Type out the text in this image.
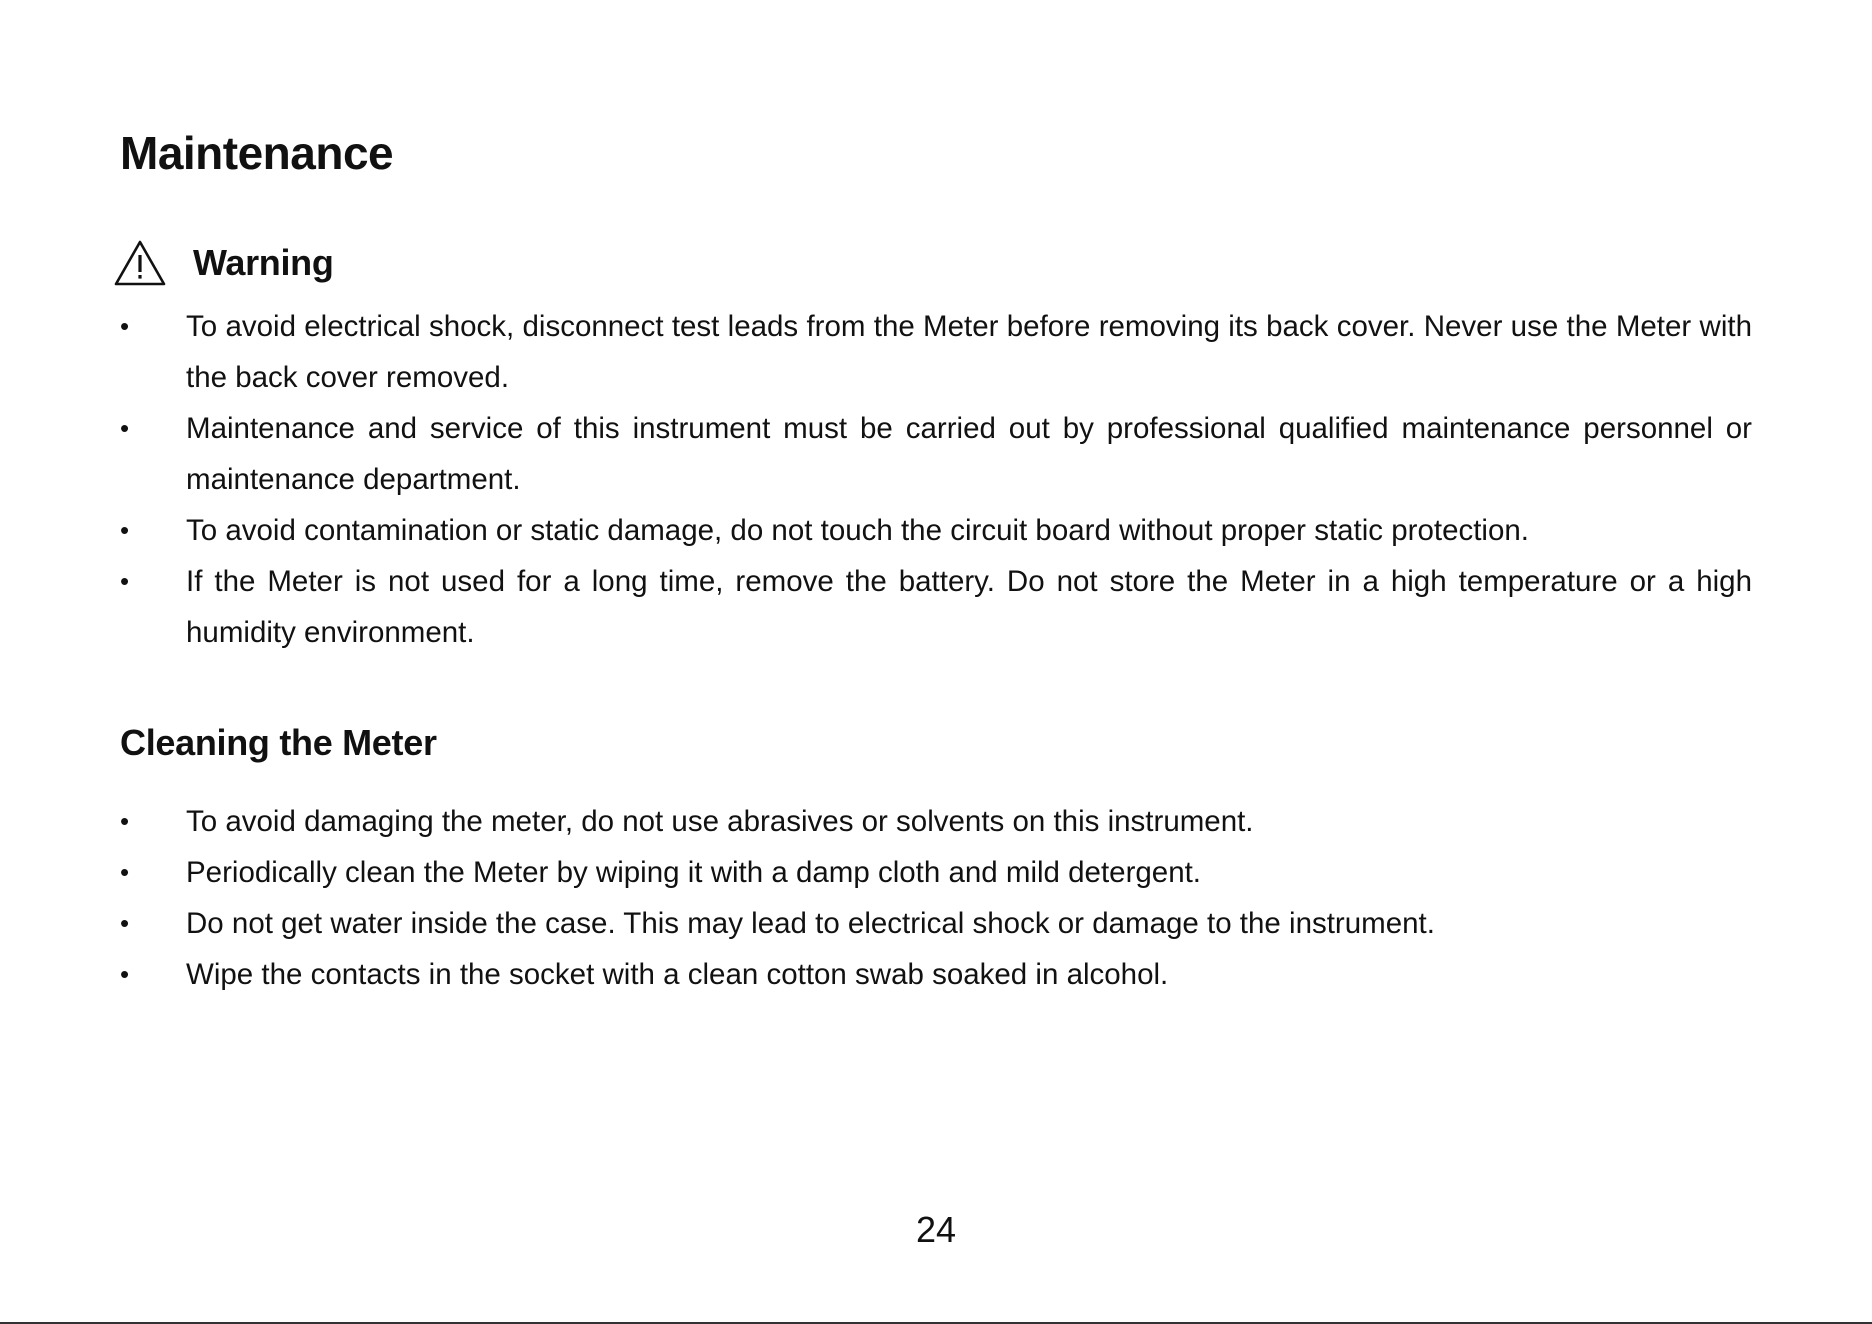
Maintenance
Warning
•	To avoid electrical shock, disconnect test leads from the Meter before removing its back cover. Never use the Meter with the back cover removed.
•	Maintenance and service of this instrument must be carried out by professional qualified maintenance personnel or maintenance department.
•	To avoid contamination or static damage, do not touch the circuit board without proper static protection.
•	If the Meter is not used for a long time, remove the battery. Do not store the Meter in a high temperature or a high humidity environment.
Cleaning the Meter
•	To avoid damaging the meter, do not use abrasives or solvents on this instrument.
•	Periodically clean the Meter by wiping it with a damp cloth and mild detergent.
•	Do not get water inside the case. This may lead to electrical shock or damage to the instrument.
•	Wipe the contacts in the socket with a clean cotton swab soaked in alcohol.
24
